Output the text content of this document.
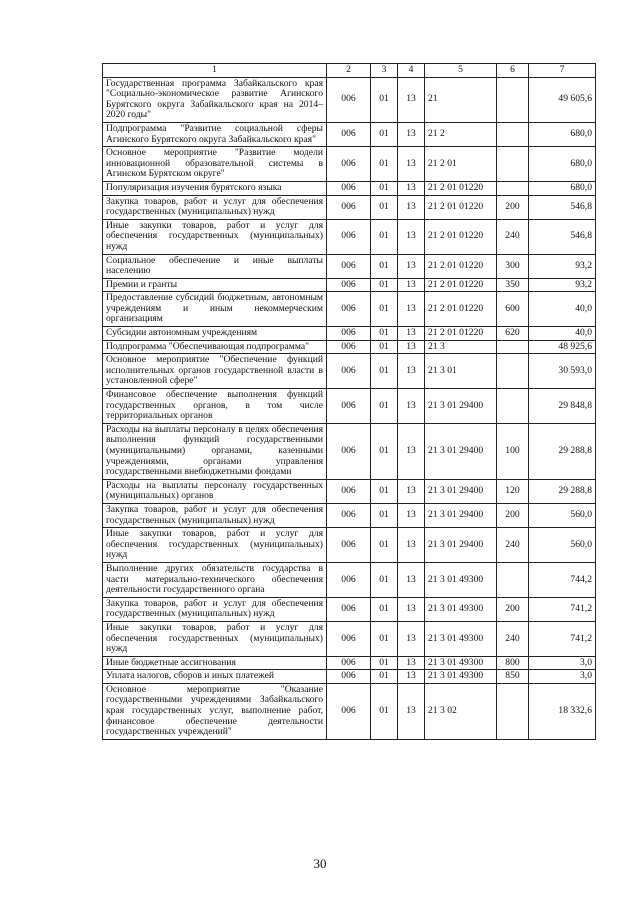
1	2	3	4	5	6	7
Государственная программа Забайкальского края "Социально-экономическое развитие Агинского Бурятского округа Забайкальского края на 2014–2020 годы"	006	01	13	21		49 605,6
Подпрограмма "Развитие социальной сферы Агинского Бурятского округа Забайкальского края"	006	01	13	21 2		680,0
Основное мероприятие "Развитие модели инновационной образовательной системы в Агинском Бурятском округе"	006	01	13	21 2 01		680,0
Популяризация изучения бурятского языка	006	01	13	21 2 01 01220		680,0
Закупка товаров, работ и услуг для обеспечения государственных (муниципальных) нужд	006	01	13	21 2 01 01220	200	546,8
Иные закупки товаров, работ и услуг для обеспечения государственных (муниципальных) нужд	006	01	13	21 2 01 01220	240	546,8
Социальное обеспечение и иные выплаты населению	006	01	13	21 2 01 01220	300	93,2
Премии и гранты	006	01	13	21 2 01 01220	350	93,2
Предоставление субсидий бюджетным, автономным учреждениям и иным некоммерческим организациям	006	01	13	21 2 01 01220	600	40,0
Субсидии автономным учреждениям	006	01	13	21 2 01 01220	620	40,0
Подпрограмма "Обеспечивающая подпрограмма"	006	01	13	21 3		48 925,6
Основное мероприятие "Обеспечение функций исполнительных органов государственной власти в установленной сфере"	006	01	13	21 3 01		30 593,0
Финансовое обеспечение выполнения функций государственных органов, в том числе территориальных органов	006	01	13	21 3 01 29400		29 848,8
Расходы на выплаты персоналу в целях обеспечения выполнения функций государственными (муниципальными) органами, казенными учреждениями, органами управления государственными внебюджетными фондами	006	01	13	21 3 01 29400	100	29 288,8
Расходы на выплаты персоналу государственных (муниципальных) органов	006	01	13	21 3 01 29400	120	29 288,8
Закупка товаров, работ и услуг для обеспечения государственных (муниципальных) нужд	006	01	13	21 3 01 29400	200	560,0
Иные закупки товаров, работ и услуг для обеспечения государственных (муниципальных) нужд	006	01	13	21 3 01 29400	240	560,0
Выполнение других обязательств государства в части материально-технического обеспечения деятельности государственного органа	006	01	13	21 3 01 49300		744,2
Закупка товаров, работ и услуг для обеспечения государственных (муниципальных) нужд	006	01	13	21 3 01 49300	200	741,2
Иные закупки товаров, работ и услуг для обеспечения государственных (муниципальных) нужд	006	01	13	21 3 01 49300	240	741,2
Иные бюджетные ассигнования	006	01	13	21 3 01 49300	800	3,0
Уплата налогов, сборов и иных платежей	006	01	13	21 3 01 49300	850	3,0
Основное мероприятие "Оказание государственными учреждениями Забайкальского края государственных услуг, выполнение работ, финансовое обеспечение деятельности государственных учреждений"	006	01	13	21 3 02		18 332,6
30
